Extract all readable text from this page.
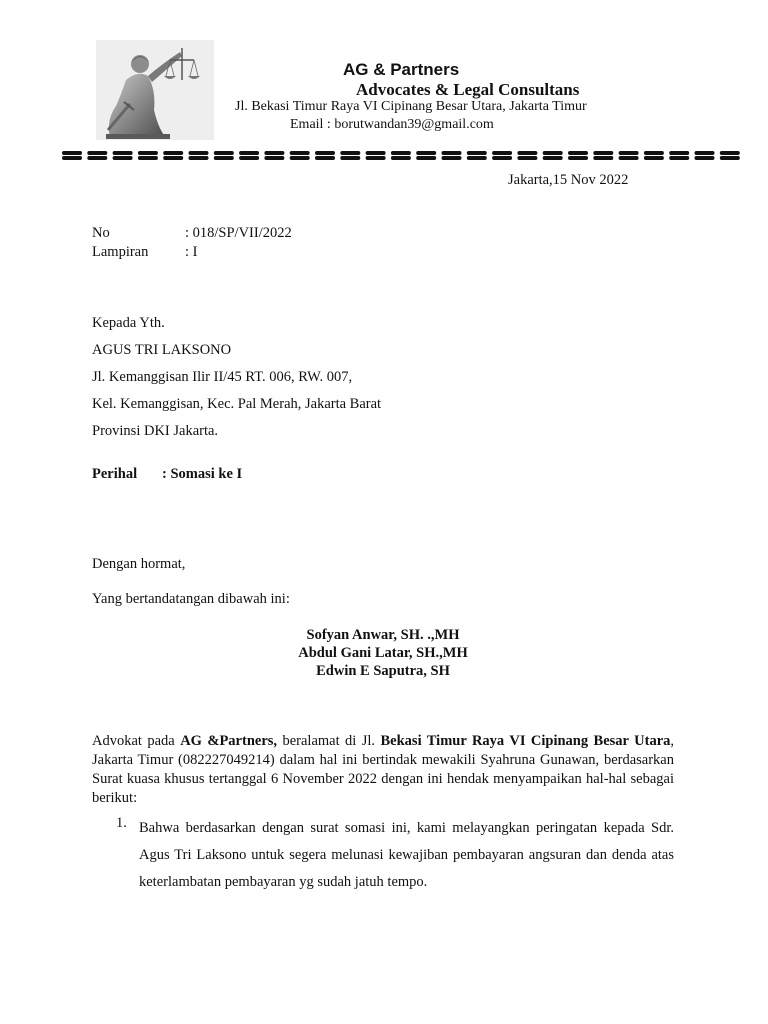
AG & Partners
Advocates & Legal Consultans
Jl. Bekasi Timur Raya VI Cipinang Besar Utara, Jakarta Timur
Email : borutwandan39@gmail.com
Jakarta,15 Nov 2022
No	: 018/SP/VII/2022
Lampiran	: I
Kepada Yth.
AGUS TRI LAKSONO
Jl. Kemanggisan Ilir II/45 RT. 006, RW. 007,
Kel. Kemanggisan, Kec. Pal Merah, Jakarta Barat
Provinsi DKI Jakarta.
Perihal : Somasi ke I
Dengan hormat,
Yang bertandatangan dibawah ini:
Sofyan Anwar, SH. .,MH
Abdul Gani Latar, SH.,MH
Edwin E Saputra, SH
Advokat pada AG &Partners, beralamat di Jl. Bekasi Timur Raya VI Cipinang Besar Utara, Jakarta Timur (082227049214) dalam hal ini bertindak mewakili Syahruna Gunawan, berdasarkan Surat kuasa khusus tertanggal 6 November 2022 dengan ini hendak menyampaikan hal-hal sebagai berikut:
1. Bahwa berdasarkan dengan surat somasi ini, kami melayangkan peringatan kepada Sdr. Agus Tri Laksono untuk segera melunasi kewajiban pembayaran angsuran dan denda atas keterlambatan pembayaran yg sudah jatuh tempo.
